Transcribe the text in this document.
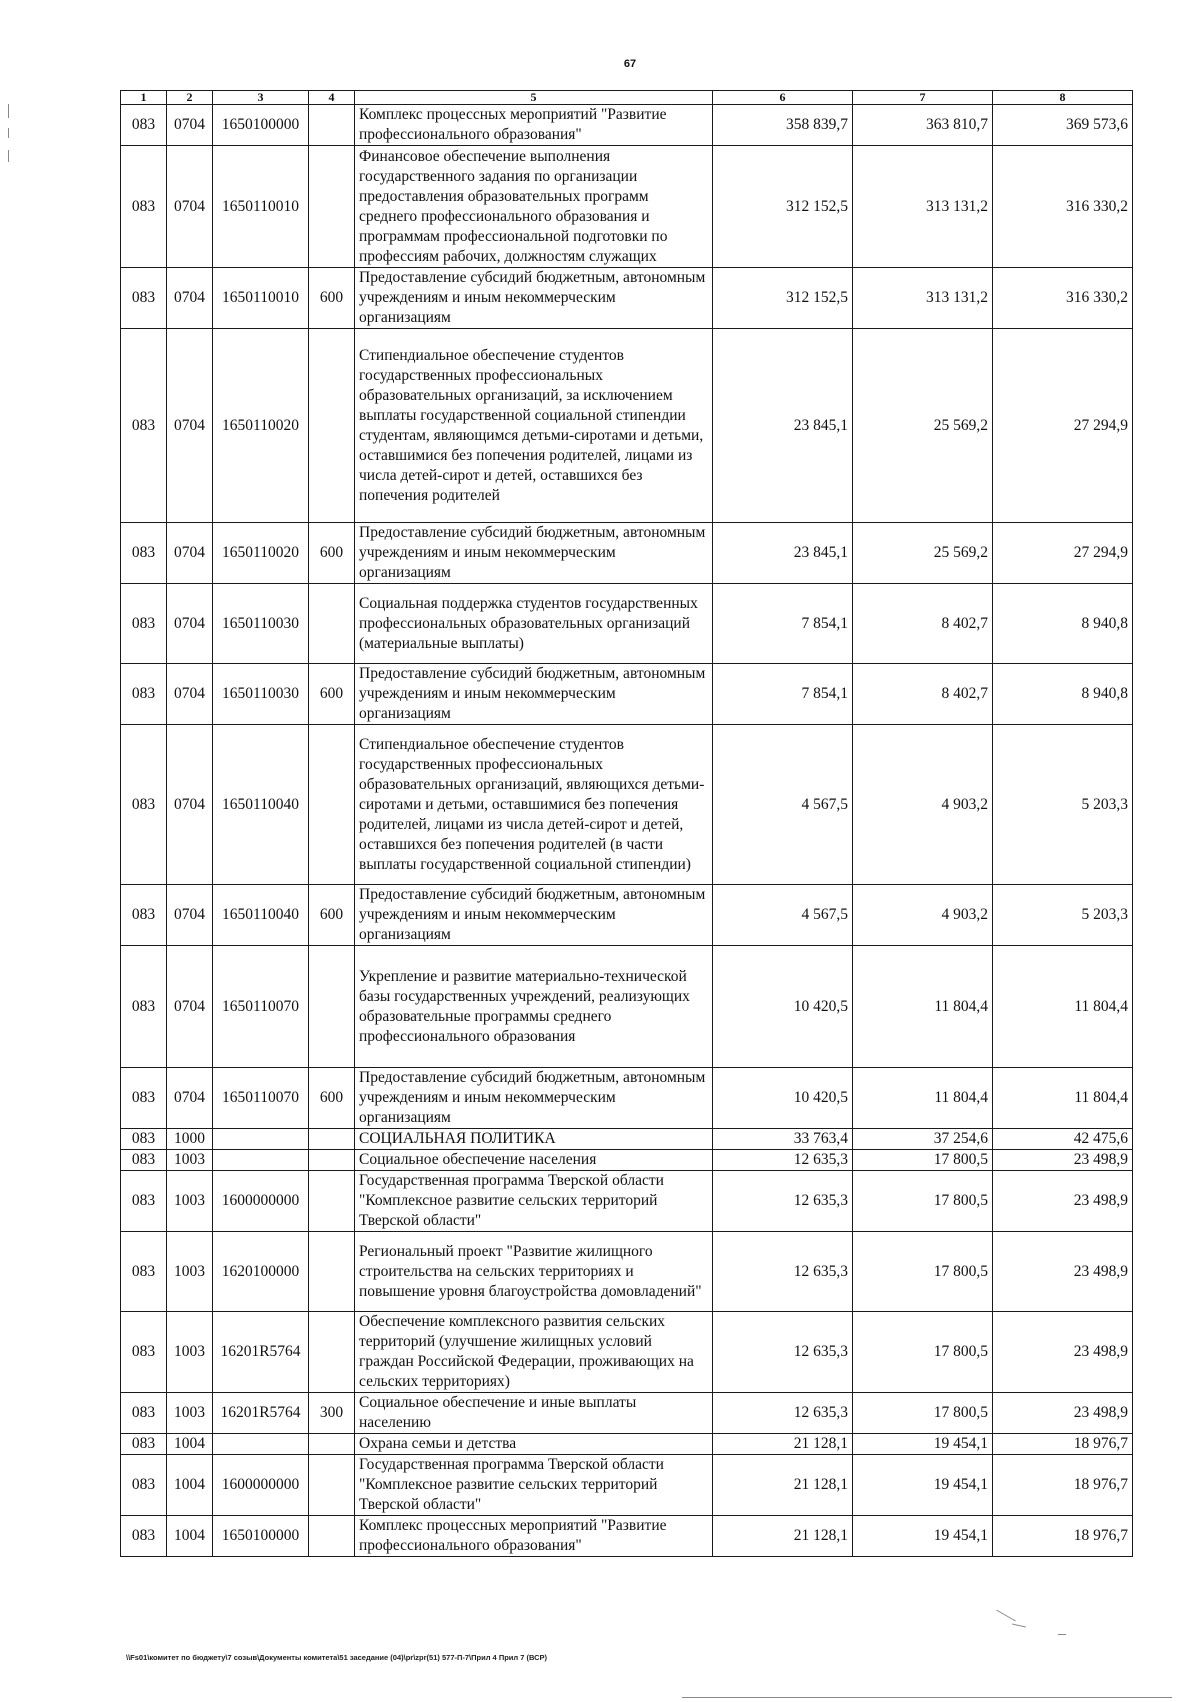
67
1	2	3	4	5	6	7	8
083	0704	1650100000		Комплекс процессных мероприятий "Развитие профессионального образования"	358 839,7	363 810,7	369 573,6
083	0704	1650110010		Финансовое обеспечение выполнения государственного задания по организации предоставления образовательных программ среднего профессионального образования и программам профессиональной подготовки по профессиям рабочих, должностям служащих	312 152,5	313 131,2	316 330,2
083	0704	1650110010	600	Предоставление субсидий бюджетным, автономным учреждениям и иным некоммерческим организациям	312 152,5	313 131,2	316 330,2
083	0704	1650110020		Стипендиальное обеспечение студентов государственных профессиональных образовательных организаций, за исключением выплаты государственной социальной стипендии студентам, являющимся детьми-сиротами и детьми, оставшимися без попечения родителей, лицами из числа детей-сирот и детей, оставшихся без попечения родителей	23 845,1	25 569,2	27 294,9
083	0704	1650110020	600	Предоставление субсидий бюджетным, автономным учреждениям и иным некоммерческим организациям	23 845,1	25 569,2	27 294,9
083	0704	1650110030		Социальная поддержка студентов государственных профессиональных образовательных организаций (материальные выплаты)	7 854,1	8 402,7	8 940,8
083	0704	1650110030	600	Предоставление субсидий бюджетным, автономным учреждениям и иным некоммерческим организациям	7 854,1	8 402,7	8 940,8
083	0704	1650110040		Стипендиальное обеспечение студентов государственных профессиональных образовательных организаций, являющихся детьми-сиротами и детьми, оставшимися без попечения родителей, лицами из числа детей-сирот и детей, оставшихся без попечения родителей (в части выплаты государственной социальной стипендии)	4 567,5	4 903,2	5 203,3
083	0704	1650110040	600	Предоставление субсидий бюджетным, автономным учреждениям и иным некоммерческим организациям	4 567,5	4 903,2	5 203,3
083	0704	1650110070		Укрепление и развитие материально-технической базы государственных учреждений, реализующих образовательные программы среднего профессионального образования	10 420,5	11 804,4	11 804,4
083	0704	1650110070	600	Предоставление субсидий бюджетным, автономным учреждениям и иным некоммерческим организациям	10 420,5	11 804,4	11 804,4
083	1000			СОЦИАЛЬНАЯ ПОЛИТИКА	33 763,4	37 254,6	42 475,6
083	1003			Социальное обеспечение населения	12 635,3	17 800,5	23 498,9
083	1003	1600000000		Государственная программа Тверской области "Комплексное развитие сельских территорий Тверской области"	12 635,3	17 800,5	23 498,9
083	1003	1620100000		Региональный проект "Развитие жилищного строительства на сельских территориях и повышение уровня благоустройства домовладений"	12 635,3	17 800,5	23 498,9
083	1003	16201R5764		Обеспечение комплексного развития сельских территорий (улучшение жилищных условий граждан Российской Федерации, проживающих на сельских территориях)	12 635,3	17 800,5	23 498,9
083	1003	16201R5764	300	Социальное обеспечение и иные выплаты населению	12 635,3	17 800,5	23 498,9
083	1004			Охрана семьи и детства	21 128,1	19 454,1	18 976,7
083	1004	1600000000		Государственная программа Тверской области "Комплексное развитие сельских территорий Тверской области"	21 128,1	19 454,1	18 976,7
083	1004	1650100000		Комплекс процессных мероприятий "Развитие профессионального образования"	21 128,1	19 454,1	18 976,7
\\Fs01\комитет по бюджету\7 созыв\Документы комитета\51 заседание (04)\pr\zpr(51) 577-П-7\Прил 4 Прил 7 (ВСР)
